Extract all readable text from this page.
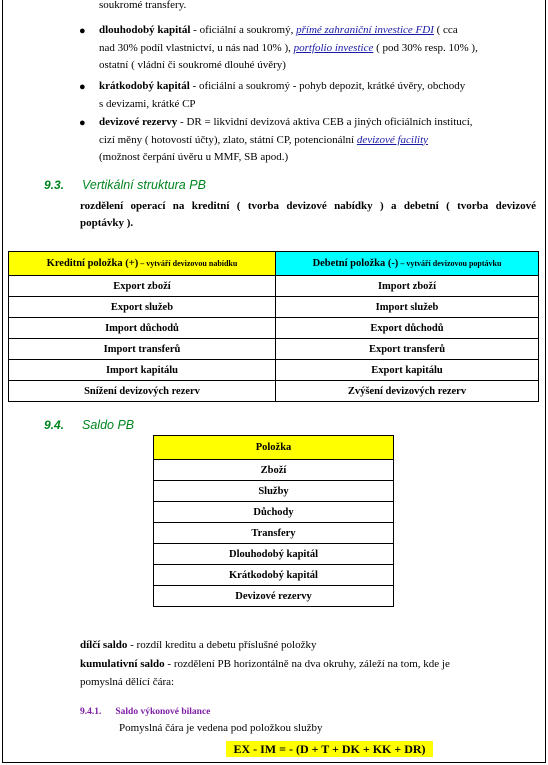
soukromé transfery.
● dlouhodobý kapitál - oficiální a soukromý, přímé zahraniční investice FDI ( cca
nad 30% podíl vlastnictví, u nás nad 10% ), portfolio investice ( pod 30% resp. 10% ),
ostatní ( vládní či soukromé dlouhé úvěry)
● krátkodobý kapitál - oficiální a soukromý - pohyb depozit, krátké úvěry, obchody
s devizami, krátké CP
● devizové rezervy - DR = likvidní devizová aktiva CEB a jiných oficiálních institucí,
cizí měny ( hotovostí účty), zlato, státní CP, potencionální devizové facility
(možnost čerpání úvěru u MMF, SB apod.)
9.3. Vertikální struktura PB
rozdělení operací na kreditní ( tvorba devizové nabídky ) a debetní ( tvorba devizové
poptávky ).
Kreditní položka (+) – vytváří devizovou nabídku	Debetní položka (-) – vytváří devizovou poptávku
Export zboží	Import zboží
Export služeb	Import služeb
Import důchodů	Export důchodů
Import transferů	Export transferů
Import kapitálu	Export kapitálu
Snížení devizových rezerv	Zvýšení devizových rezerv
9.4. Saldo PB
Položka
Zboží
Služby
Důchody
Transfery
Dlouhodobý kapitál
Krátkodobý kapitál
Devizové rezervy
dílčí saldo - rozdíl kreditu a debetu příslušné položky
kumulativní saldo - rozdělení PB horizontálně na dva okruhy, záleží na tom, kde je
pomyslná dělící čára:
9.4.1. Saldo výkonové bilance
Pomyslná čára je vedena pod položkou služby
EX - IM = - (D + T + DK + KK + DR)
